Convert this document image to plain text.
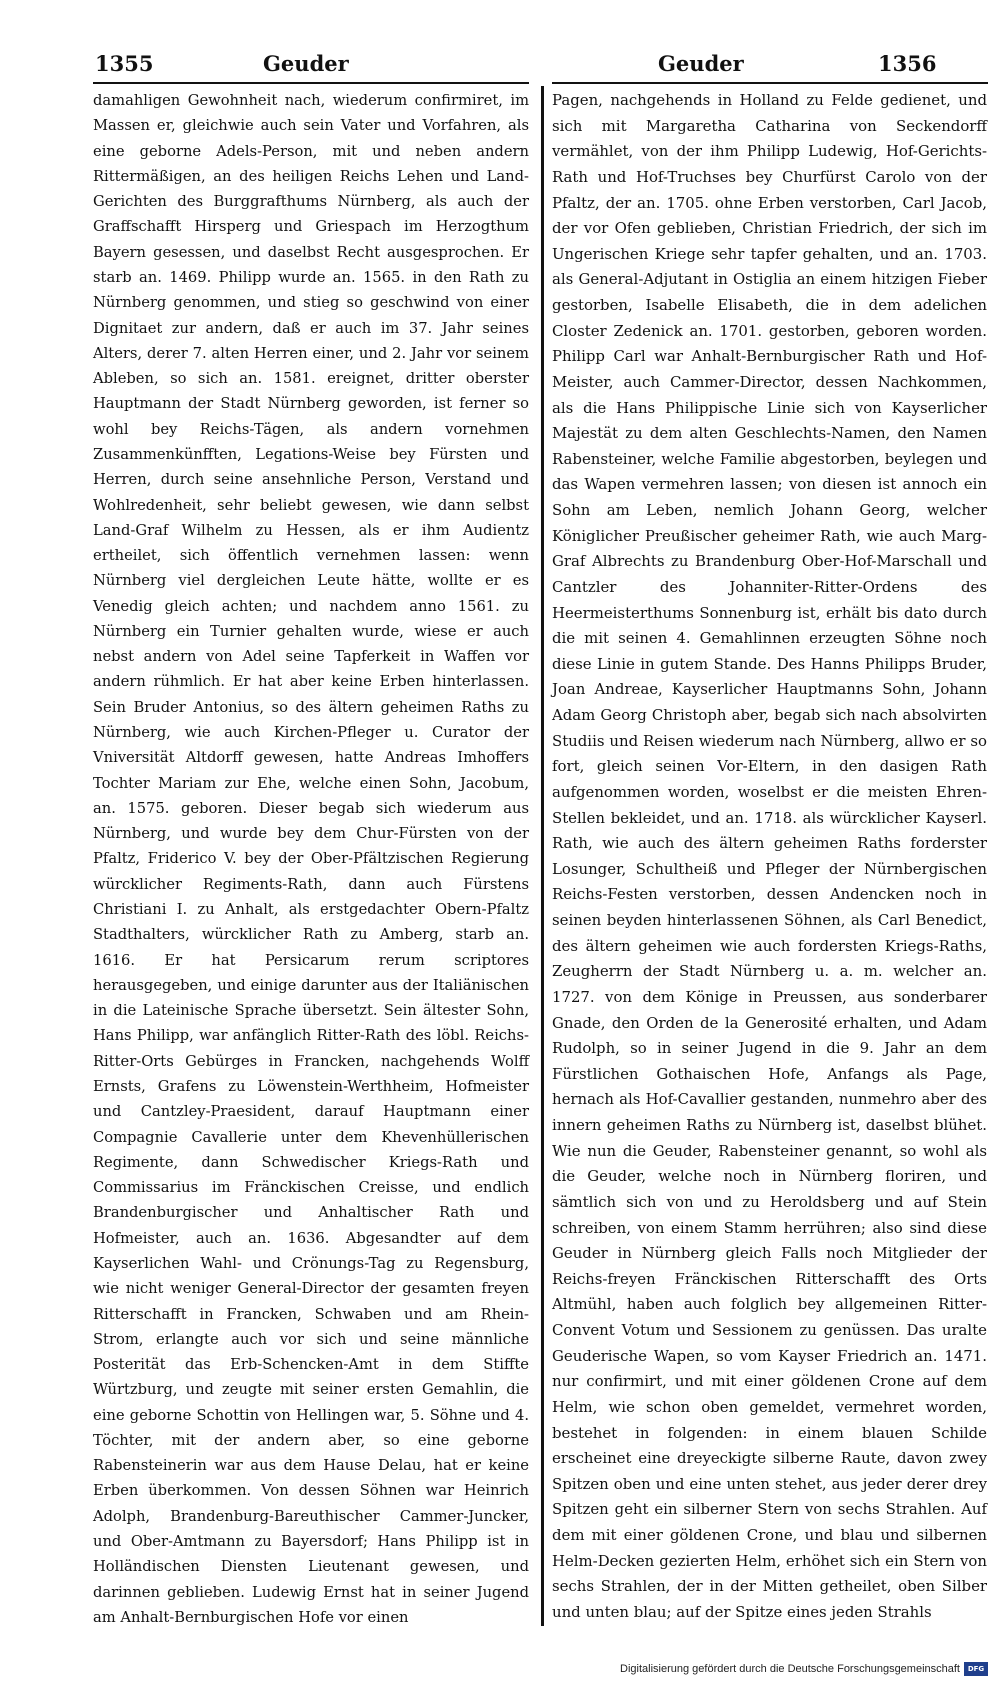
1355	Geuder	Geuder	1356

damahligen Gewohnheit nach, wiederum confirmiret, im Massen er, gleichwie auch sein Vater und Vorfahren, als eine geborne Adels-Person, mit und neben andern Rittermäßigen, an des heiligen Reichs Lehen und Land-Gerichten des Burggrafthums Nürnberg, als auch der Graffschafft Hirsperg und Griespach im Herzogthum Bayern gesessen, und daselbst Recht ausgesprochen. Er starb an. 1469. Philipp wurde an. 1565. in den Rath zu Nürnberg genommen, und stieg so geschwind von einer Dignitaet zur andern, daß er auch im 37. Jahr seines Alters, derer 7. alten Herren einer, und 2. Jahr vor seinem Ableben, so sich an. 1581. ereignet, dritter oberster Hauptmann der Stadt Nürnberg geworden, ist ferner so wohl bey Reichs-Tägen, als andern vornehmen Zusammenkünfften, Legations-Weise bey Fürsten und Herren, durch seine ansehnliche Person, Verstand und Wohlredenheit, sehr beliebt gewesen, wie dann selbst Land-Graf Wilhelm zu Hessen, als er ihm Audientz ertheilet, sich öffentlich vernehmen lassen: wenn Nürnberg viel dergleichen Leute hätte, wollte er es Venedig gleich achten; und nachdem anno 1561. zu Nürnberg ein Turnier gehalten wurde, wiese er auch nebst andern von Adel seine Tapferkeit in Waffen vor andern rühmlich. Er hat aber keine Erben hinterlassen. Sein Bruder Antonius, so des ältern geheimen Raths zu Nürnberg, wie auch Kirchen-Pfleger u. Curator der Vniversität Altdorff gewesen, hatte Andreas Imhoffers Tochter Mariam zur Ehe, welche einen Sohn, Jacobum, an. 1575. geboren. Dieser begab sich wiederum aus Nürnberg, und wurde bey dem Chur-Fürsten von der Pfaltz, Friderico V. bey der Ober-Pfältzischen Regierung würcklicher Regiments-Rath, dann auch Fürstens Christiani I. zu Anhalt, als erstgedachter Obern-Pfaltz Stadthalters, würcklicher Rath zu Amberg, starb an. 1616. Er hat Persicarum rerum scriptores herausgegeben, und einige darunter aus der Italiänischen in die Lateinische Sprache übersetzt. Sein ältester Sohn, Hans Philipp, war anfänglich Ritter-Rath des löbl. Reichs-Ritter-Orts Gebürges in Francken, nachgehends Wolff Ernsts, Grafens zu Löwenstein-Werthheim, Hofmeister und Cantzley-Praesident, darauf Hauptmann einer Compagnie Cavallerie unter dem Khevenhüllerischen Regimente, dann Schwedischer Kriegs-Rath und Commissarius im Fränckischen Creisse, und endlich Brandenburgischer und Anhaltischer Rath und Hofmeister, auch an. 1636. Abgesandter auf dem Kayserlichen Wahl- und Crönungs-Tag zu Regensburg, wie nicht weniger General-Director der gesamten freyen Ritterschafft in Francken, Schwaben und am Rhein-Strom, erlangte auch vor sich und seine männliche Posterität das Erb-Schencken-Amt in dem Stiffte Würtzburg, und zeugte mit seiner ersten Gemahlin, die eine geborne Schottin von Hellingen war, 5. Söhne und 4. Töchter, mit der andern aber, so eine geborne Rabensteinerin war aus dem Hause Delau, hat er keine Erben überkommen. Von dessen Söhnen war Heinrich Adolph, Brandenburg-Bareuthischer Cammer-Juncker, und Ober-Amtmann zu Bayersdorf; Hans Philipp ist in Holländischen Diensten Lieutenant gewesen, und darinnen geblieben. Ludewig Ernst hat in seiner Jugend am Anhalt-Bernburgischen Hofe vor einen

Pagen, nachgehends in Holland zu Felde gedienet, und sich mit Margaretha Catharina von Seckendorff vermählet, von der ihm Philipp Ludewig, Hof-Gerichts-Rath und Hof-Truchses bey Churfürst Carolo von der Pfaltz, der an. 1705. ohne Erben verstorben, Carl Jacob, der vor Ofen geblieben, Christian Friedrich, der sich im Ungerischen Kriege sehr tapfer gehalten, und an. 1703. als General-Adjutant in Ostiglia an einem hitzigen Fieber gestorben, Isabelle Elisabeth, die in dem adelichen Closter Zedenick an. 1701. gestorben, geboren worden. Philipp Carl war Anhalt-Bernburgischer Rath und Hof-Meister, auch Cammer-Director, dessen Nachkommen, als die Hans Philippische Linie sich von Kayserlicher Majestät zu dem alten Geschlechts-Namen, den Namen Rabensteiner, welche Familie abgestorben, beylegen und das Wapen vermehren lassen; von diesen ist annoch ein Sohn am Leben, nemlich Johann Georg, welcher Königlicher Preußischer geheimer Rath, wie auch Marg-Graf Albrechts zu Brandenburg Ober-Hof-Marschall und Cantzler des Johanniter-Ritter-Ordens des Heermeisterthums Sonnenburg ist, erhält bis dato durch die mit seinen 4. Gemahlinnen erzeugten Söhne noch diese Linie in gutem Stande. Des Hanns Philipps Bruder, Joan Andreae, Kayserlicher Hauptmanns Sohn, Johann Adam Georg Christoph aber, begab sich nach absolvirten Studiis und Reisen wiederum nach Nürnberg, allwo er so fort, gleich seinen Vor-Eltern, in den dasigen Rath aufgenommen worden, woselbst er die meisten Ehren-Stellen bekleidet, und an. 1718. als würcklicher Kayserl. Rath, wie auch des ältern geheimen Raths forderster Losunger, Schultheiß und Pfleger der Nürnbergischen Reichs-Festen verstorben, dessen Andencken noch in seinen beyden hinterlassenen Söhnen, als Carl Benedict, des ältern geheimen wie auch fordersten Kriegs-Raths, Zeugherrn der Stadt Nürnberg u. a. m. welcher an. 1727. von dem Könige in Preussen, aus sonderbarer Gnade, den Orden de la Generosité erhalten, und Adam Rudolph, so in seiner Jugend in die 9. Jahr an dem Fürstlichen Gothaischen Hofe, Anfangs als Page, hernach als Hof-Cavallier gestanden, nunmehro aber des innern geheimen Raths zu Nürnberg ist, daselbst blühet. Wie nun die Geuder, Rabensteiner genannt, so wohl als die Geuder, welche noch in Nürnberg floriren, und sämtlich sich von und zu Heroldsberg und auf Stein schreiben, von einem Stamm herrühren; also sind diese Geuder in Nürnberg gleich Falls noch Mitglieder der Reichs-freyen Fränckischen Ritterschafft des Orts Altmühl, haben auch folglich bey allgemeinen Ritter-Convent Votum und Sessionem zu genüssen. Das uralte Geuderische Wapen, so vom Kayser Friedrich an. 1471. nur confirmirt, und mit einer göldenen Crone auf dem Helm, wie schon oben gemeldet, vermehret worden, bestehet in folgenden: in einem blauen Schilde erscheinet eine dreyeckigte silberne Raute, davon zwey Spitzen oben und eine unten stehet, aus jeder derer drey Spitzen geht ein silberner Stern von sechs Strahlen. Auf dem mit einer göldenen Crone, und blau und silbernen Helm-Decken gezierten Helm, erhöhet sich ein Stern von sechs Strahlen, der in der Mitten getheilet, oben Silber und unten blau; auf der Spitze eines jeden Strahls

Digitalisierung gefördert durch die Deutsche Forschungsgemeinschaft	DFG
